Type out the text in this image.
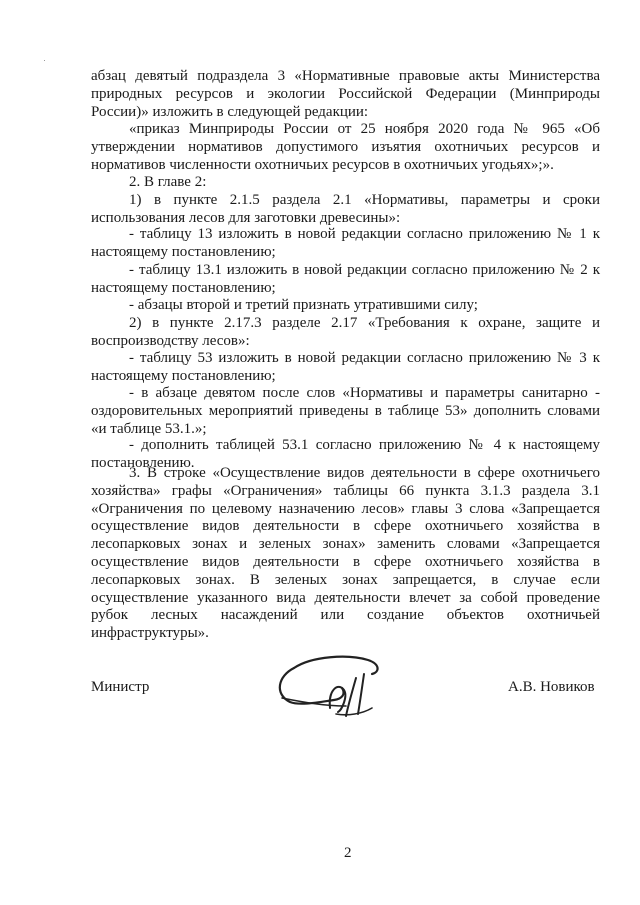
абзац девятый подраздела 3 «Нормативные правовые акты Министерства природных ресурсов и экологии Российской Федерации (Минприроды России)» изложить в следующей редакции:

«приказ Минприроды России от 25 ноября 2020 года № 965 «Об утверждении нормативов допустимого изъятия охотничьих ресурсов и нормативов численности охотничьих ресурсов в охотничьих угодьях»;».

2. В главе 2:

1) в пункте 2.1.5 раздела 2.1 «Нормативы, параметры и сроки использования лесов для заготовки древесины»:

- таблицу 13 изложить в новой редакции согласно приложению № 1 к настоящему постановлению;

- таблицу 13.1 изложить в новой редакции согласно приложению № 2 к настоящему постановлению;

- абзацы второй и третий признать утратившими силу;

2) в пункте 2.17.3 разделе 2.17 «Требования к охране, защите и воспроизводству лесов»:

- таблицу 53 изложить в новой редакции согласно приложению № 3 к настоящему постановлению;

- в абзаце девятом после слов «Нормативы и параметры санитарно - оздоровительных мероприятий приведены в таблице 53» дополнить словами «и таблице 53.1.»;

- дополнить таблицей 53.1 согласно приложению № 4 к настоящему постановлению.

3. В строке «Осуществление видов деятельности в сфере охотничьего хозяйства» графы «Ограничения» таблицы 66 пункта 3.1.3 раздела 3.1 «Ограничения по целевому назначению лесов» главы 3 слова «Запрещается осуществление видов деятельности в сфере охотничьего хозяйства в лесопарковых зонах и зеленых зонах» заменить словами «Запрещается осуществление видов деятельности в сфере охотничьего хозяйства в лесопарковых зонах. В зеленых зонах запрещается, в случае если осуществление указанного вида деятельности влечет за собой проведение рубок лесных насаждений или создание объектов охотничьей инфраструктуры».

Министр	А.В. Новиков
2
